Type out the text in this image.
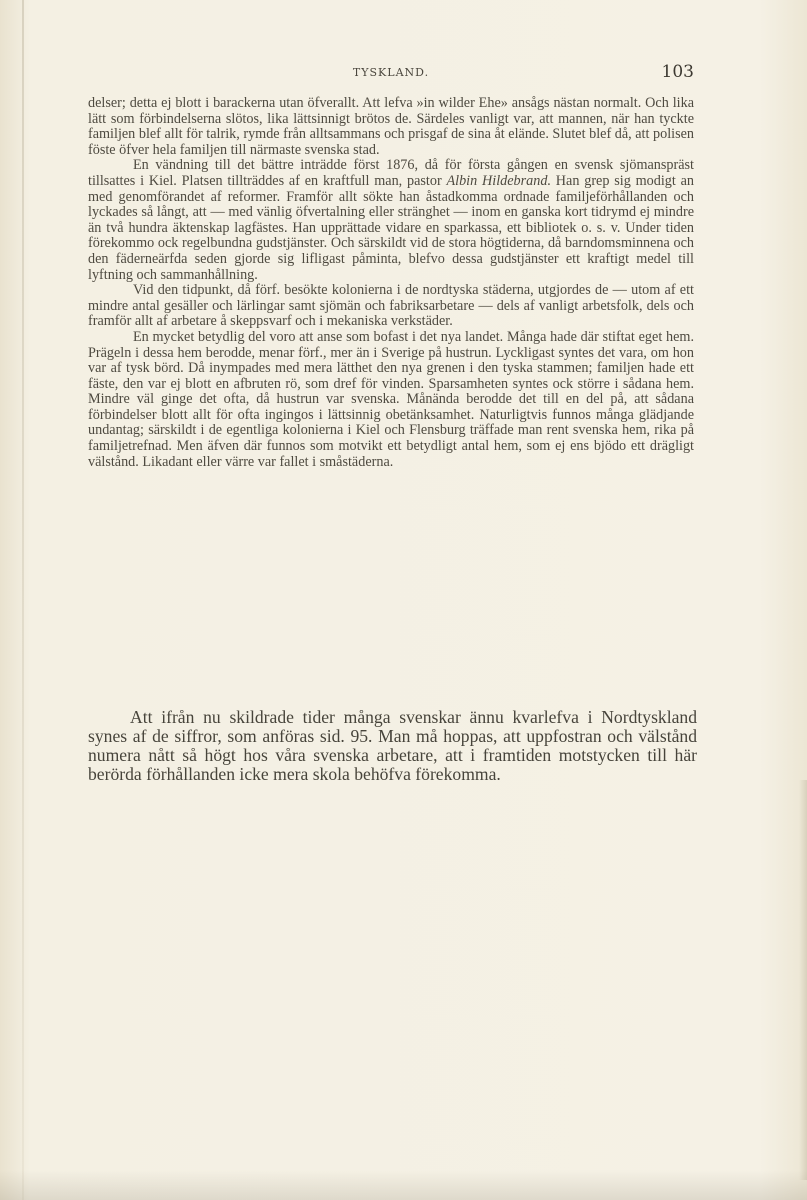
TYSKLAND.	103

delser; detta ej blott i barackerna utan öfverallt. Att lefva »in wilder Ehe» ansågs nästan normalt. Och lika lätt som förbindelserna slötos, lika lättsinnigt brötos de. Särdeles vanligt var, att mannen, när han tyckte familjen blef allt för talrik, rymde från alltsammans och prisgaf de sina åt elände. Slutet blef då, att polisen föste öfver hela familjen till närmaste svenska stad.

En vändning till det bättre inträdde först 1876, då för första gången en svensk sjömanspräst tillsattes i Kiel. Platsen tillträddes af en kraftfull man, pastor Albin Hildebrand. Han grep sig modigt an med genomförandet af reformer. Framför allt sökte han åstadkomma ordnade familjeförhållanden och lyckades så långt, att — med vänlig öfvertalning eller stränghet — inom en ganska kort tidrymd ej mindre än två hundra äktenskap lagfästes. Han upprättade vidare en sparkassa, ett bibliotek o. s. v. Under tiden förekommo ock regelbundna gudstjänster. Och särskildt vid de stora högtiderna, då barndomsminnena och den fäderneärfda seden gjorde sig lifligast påminta, blefvo dessa gudstjänster ett kraftigt medel till lyftning och sammanhållning.

Vid den tidpunkt, då förf. besökte kolonierna i de nordtyska städerna, utgjordes de — utom af ett mindre antal gesäller och lärlingar samt sjömän och fabriksarbetare — dels af vanligt arbetsfolk, dels och framför allt af arbetare å skeppsvarf och i mekaniska verkstäder.

En mycket betydlig del voro att anse som bofast i det nya landet. Många hade där stiftat eget hem. Prägeln i dessa hem berodde, menar förf., mer än i Sverige på hustrun. Lyckligast syntes det vara, om hon var af tysk börd. Då inympades med mera lätthet den nya grenen i den tyska stammen; familjen hade ett fäste, den var ej blott en afbruten rö, som dref för vinden. Sparsamheten syntes ock större i sådana hem. Mindre väl ginge det ofta, då hustrun var svenska. Månända berodde det till en del på, att sådana förbindelser blott allt för ofta ingingos i lättsinnig obetänksamhet. Naturligtvis funnos många glädjande undantag; särskildt i de egentliga kolonierna i Kiel och Flensburg träffade man rent svenska hem, rika på familjetrefnad. Men äfven där funnos som motvikt ett betydligt antal hem, som ej ens bjödo ett drägligt välstånd. Likadant eller värre var fallet i småstäderna.

Att ifrån nu skildrade tider många svenskar ännu kvarlefva i Nordtyskland synes af de siffror, som anföras sid. 95. Man må hoppas, att uppfostran och välstånd numera nått så högt hos våra svenska arbetare, att i framtiden motstycken till här berörda förhållanden icke mera skola behöfva förekomma.
